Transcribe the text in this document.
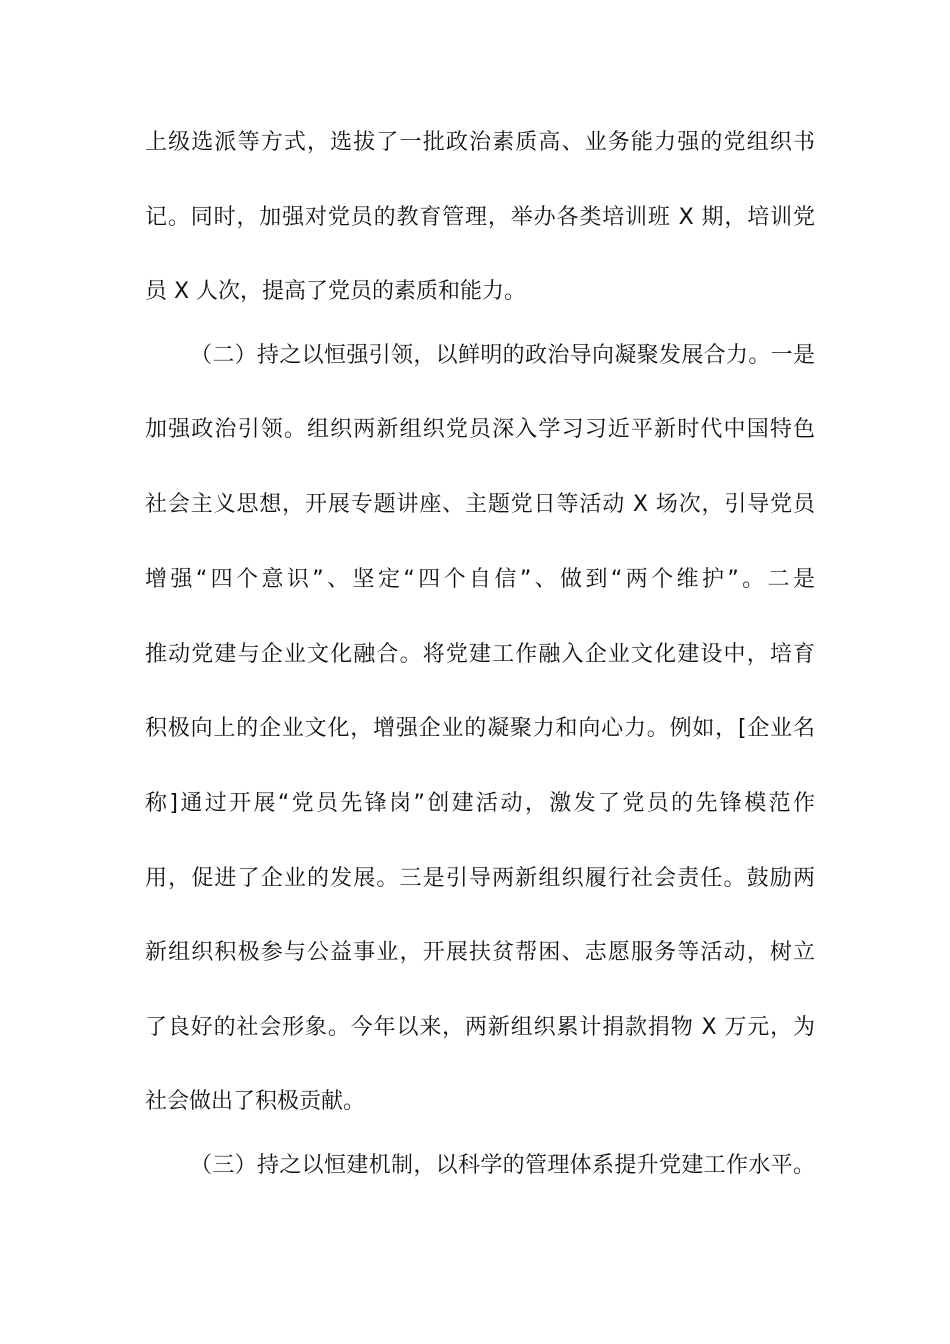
上级选派等方式，选拔了一批政治素质高、业务能力强的党组织书
记。同时，加强对党员的教育管理，举办各类培训班 X 期，培训党
员 X 人次，提高了党员的素质和能力。
（二）持之以恒强引领，以鲜明的政治导向凝聚发展合力。一是
加强政治引领。组织两新组织党员深入学习习近平新时代中国特色
社会主义思想，开展专题讲座、主题党日等活动 X 场次，引导党员
增强“四个意识”、坚定“四个自信”、做到“两个维护”。二是
推动党建与企业文化融合。将党建工作融入企业文化建设中，培育
积极向上的企业文化，增强企业的凝聚力和向心力。例如，[企业名
称]通过开展“党员先锋岗”创建活动，激发了党员的先锋模范作
用，促进了企业的发展。三是引导两新组织履行社会责任。鼓励两
新组织积极参与公益事业，开展扶贫帮困、志愿服务等活动，树立
了良好的社会形象。今年以来，两新组织累计捐款捐物 X 万元，为
社会做出了积极贡献。
（三）持之以恒建机制，以科学的管理体系提升党建工作水平。
